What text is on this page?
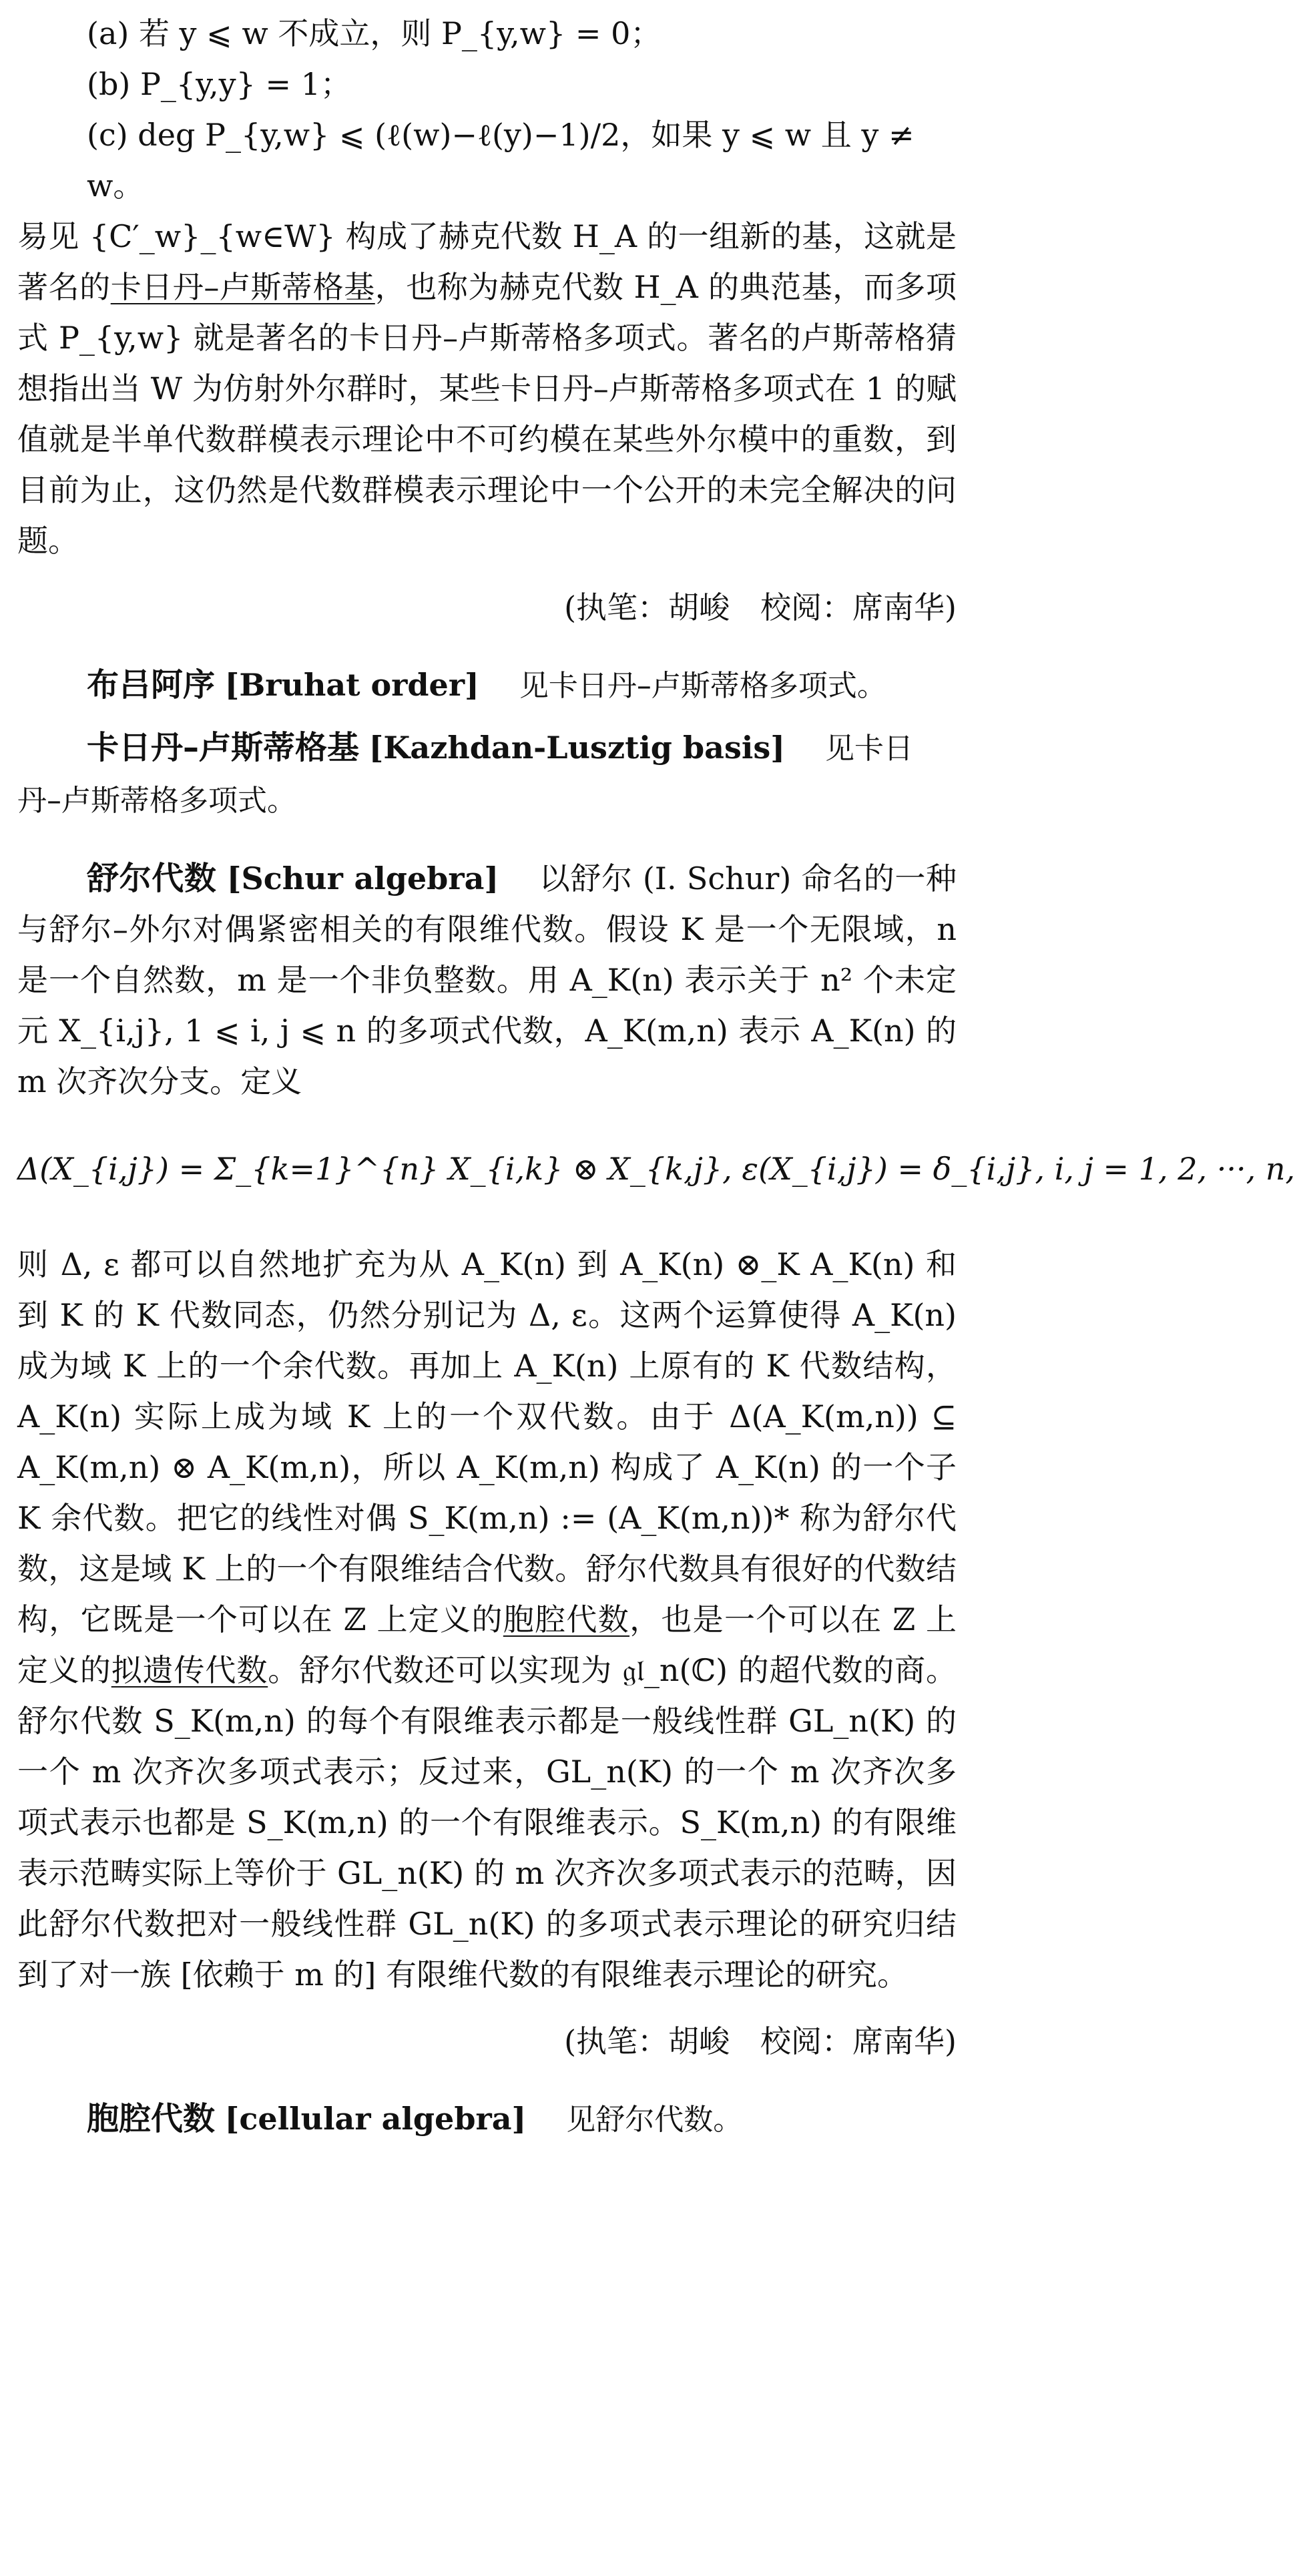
(a) 若 y ⩽ w 不成立，则 P_{y,w} = 0；

(b) P_{y,y} = 1；

(c) deg P_{y,w} ⩽ (ℓ(w)−ℓ(y)−1)/2，如果 y ⩽ w 且 y ≠ w。

易见 {C′_w}_{w∈W} 构成了赫克代数 H_A 的一组新的基，这就是著名的卡日丹–卢斯蒂格基，也称为赫克代数 H_A 的典范基，而多项式 P_{y,w} 就是著名的卡日丹–卢斯蒂格多项式。著名的卢斯蒂格猜想指出当 W 为仿射外尔群时，某些卡日丹–卢斯蒂格多项式在 1 的赋值就是半单代数群模表示理论中不可约模在某些外尔模中的重数，到目前为止，这仍然是代数群模表示理论中一个公开的未完全解决的问题。

(执笔：胡峻　校阅：席南华)

布吕阿序 [Bruhat order] 见卡日丹–卢斯蒂格多项式。

卡日丹–卢斯蒂格基 [Kazhdan-Lusztig basis] 见卡日丹–卢斯蒂格多项式。

舒尔代数 [Schur algebra] 以舒尔 (I. Schur) 命名的一种与舒尔–外尔对偶紧密相关的有限维代数。假设 K 是一个无限域，n 是一个自然数，m 是一个非负整数。用 A_K(n) 表示关于 n² 个未定元 X_{i,j}, 1 ⩽ i, j ⩽ n 的多项式代数，A_K(m,n) 表示 A_K(n) 的 m 次齐次分支。定义

Δ(X_{i,j}) = Σ_{k=1}^{n} X_{i,k} ⊗ X_{k,j}, ε(X_{i,j}) = δ_{i,j}, i, j = 1, 2, ···, n,

则 Δ, ε 都可以自然地扩充为从 A_K(n) 到 A_K(n) ⊗_K A_K(n) 和到 K 的 K 代数同态，仍然分别记为 Δ, ε。这两个运算使得 A_K(n) 成为域 K 上的一个余代数。再加上 A_K(n) 上原有的 K 代数结构，A_K(n) 实际上成为域 K 上的一个双代数。由于 Δ(A_K(m,n)) ⊆ A_K(m,n) ⊗ A_K(m,n)，所以 A_K(m,n) 构成了 A_K(n) 的一个子 K 余代数。把它的线性对偶 S_K(m,n) := (A_K(m,n))* 称为舒尔代数，这是域 K 上的一个有限维结合代数。舒尔代数具有很好的代数结构，它既是一个可以在 ℤ 上定义的胞腔代数，也是一个可以在 ℤ 上定义的拟遗传代数。舒尔代数还可以实现为 𝔤𝔩_n(ℂ) 的超代数的商。舒尔代数 S_K(m,n) 的每个有限维表示都是一般线性群 GL_n(K) 的一个 m 次齐次多项式表示；反过来，GL_n(K) 的一个 m 次齐次多项式表示也都是 S_K(m,n) 的一个有限维表示。S_K(m,n) 的有限维表示范畴实际上等价于 GL_n(K) 的 m 次齐次多项式表示的范畴，因此舒尔代数把对一般线性群 GL_n(K) 的多项式表示理论的研究归结到了对一族 [依赖于 m 的] 有限维代数的有限维表示理论的研究。

(执笔：胡峻　校阅：席南华)

胞腔代数 [cellular algebra] 见舒尔代数。
